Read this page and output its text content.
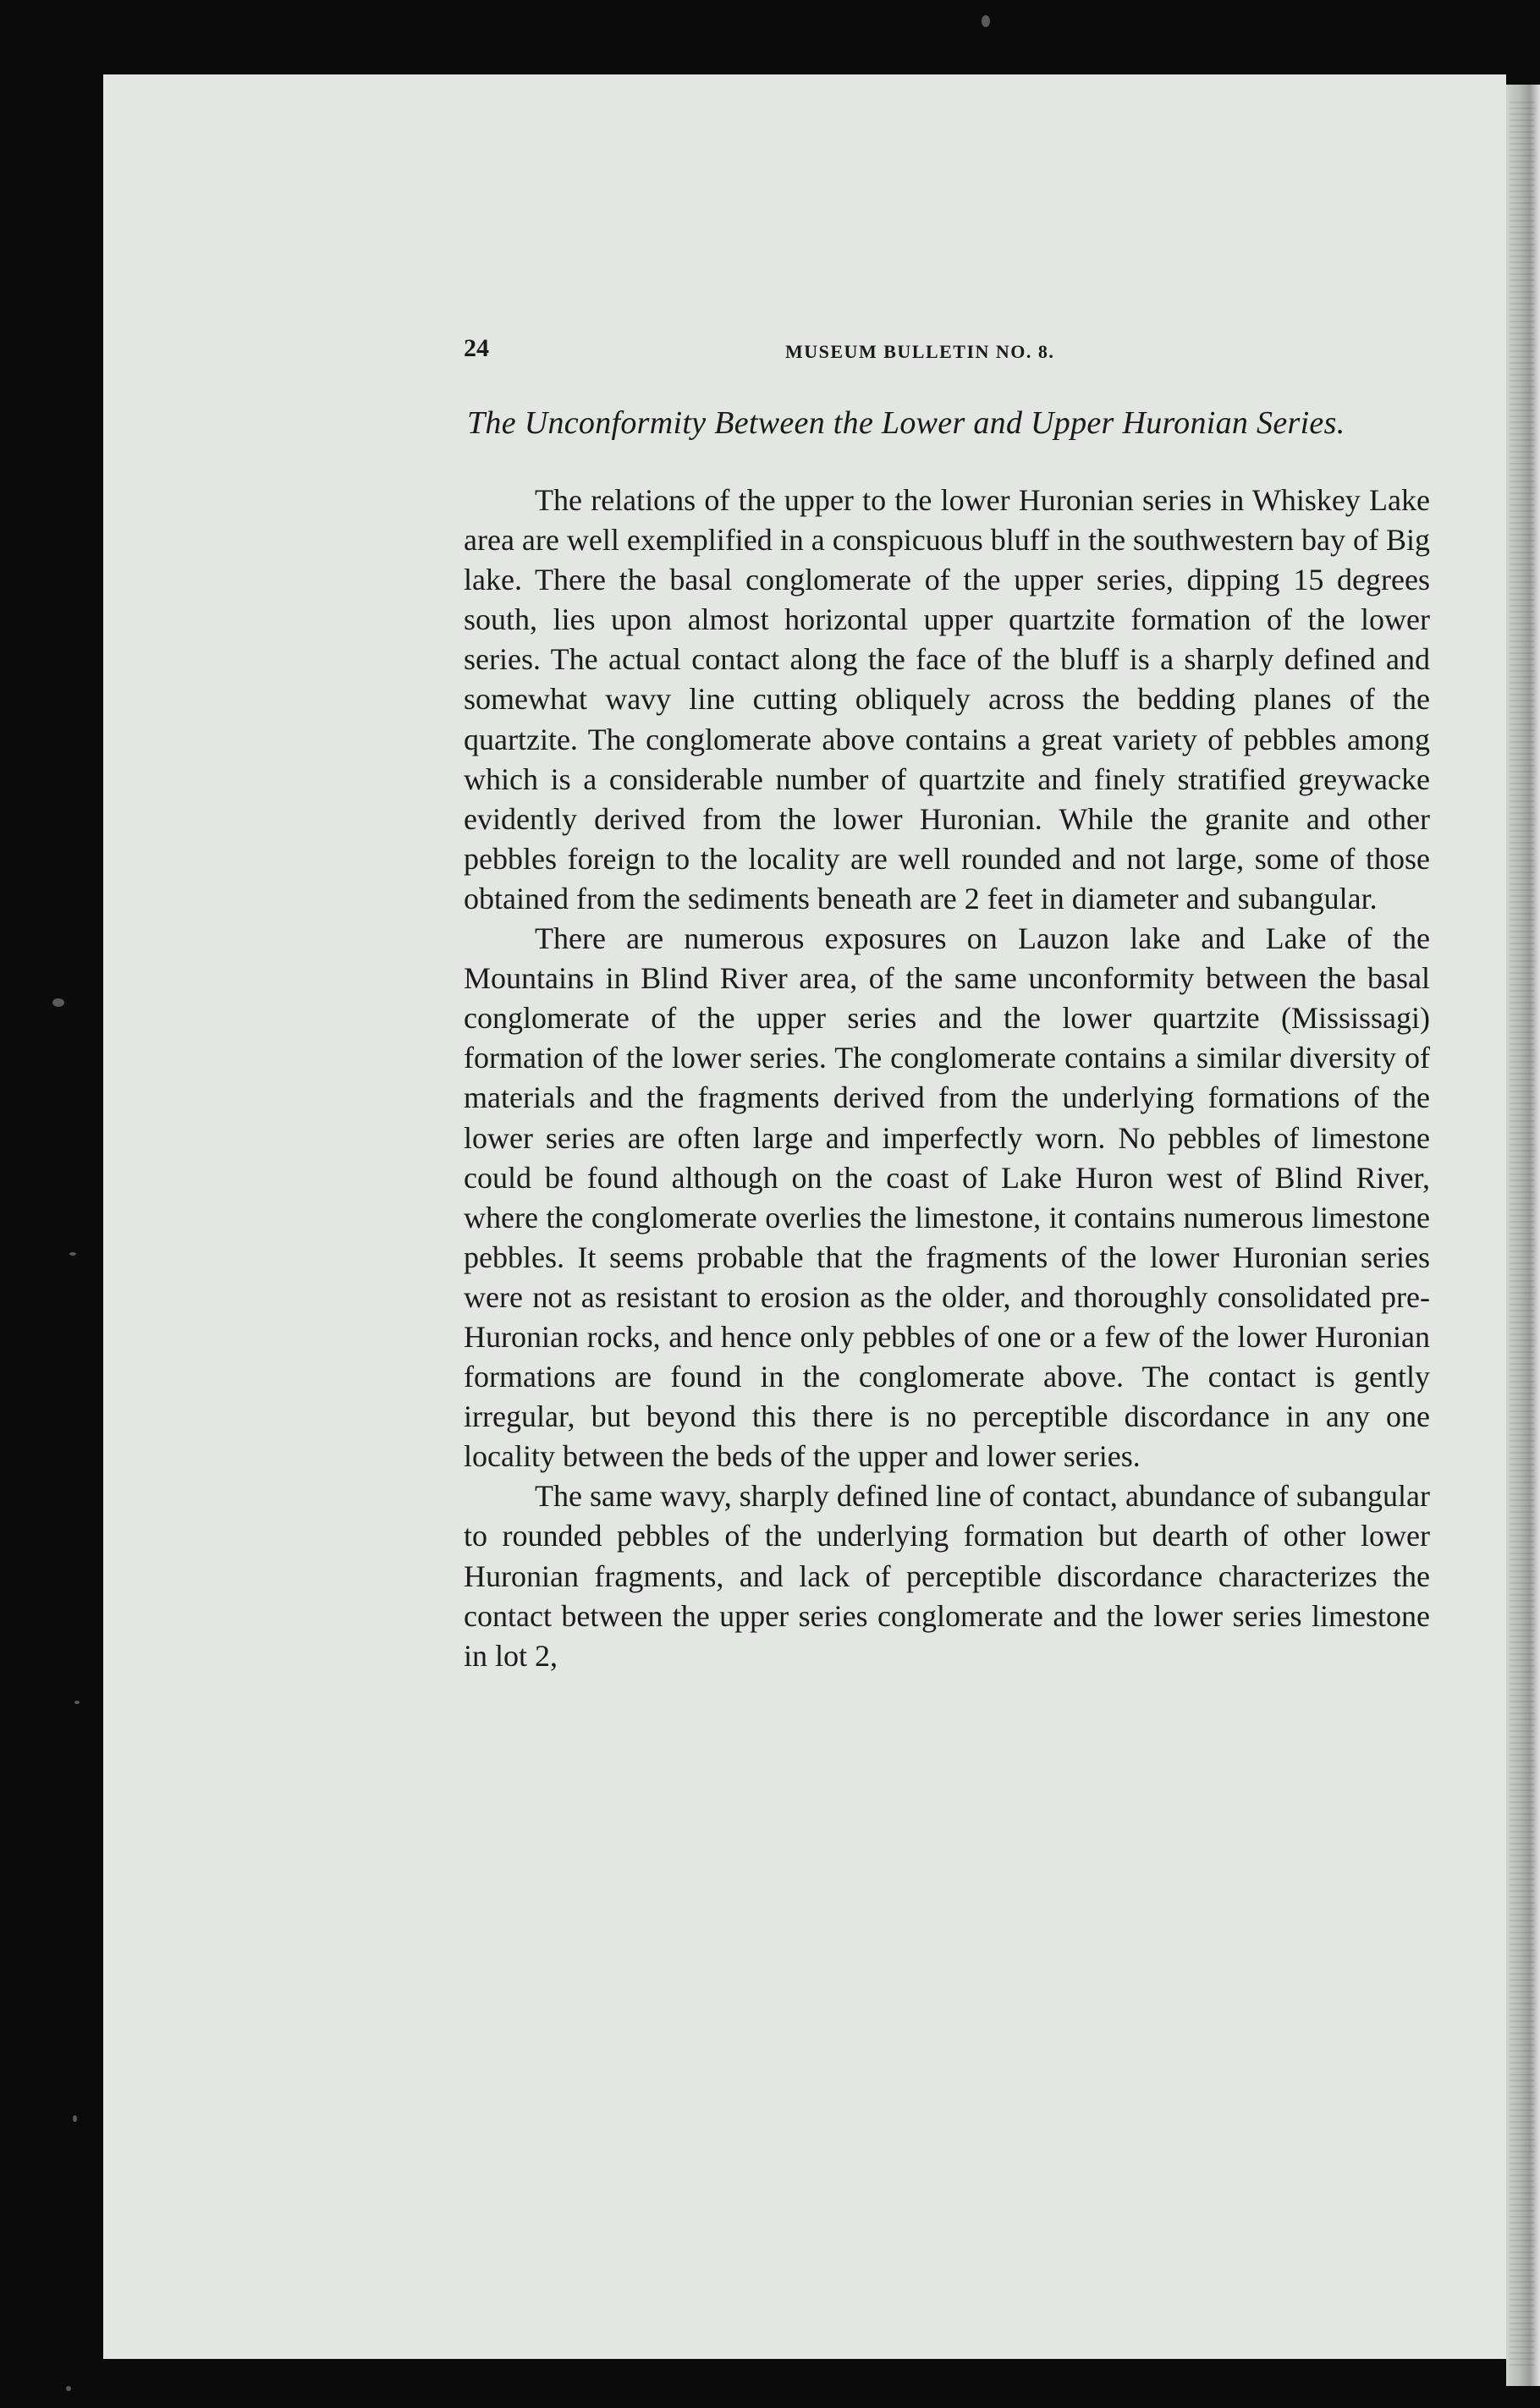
24	MUSEUM BULLETIN NO. 8.
The Unconformity Between the Lower and Upper Huronian Series.

The relations of the upper to the lower Huronian series in Whiskey Lake area are well exemplified in a conspicuous bluff in the southwestern bay of Big lake. There the basal conglomerate of the upper series, dipping 15 degrees south, lies upon almost horizontal upper quartzite formation of the lower series. The actual contact along the face of the bluff is a sharply defined and somewhat wavy line cutting obliquely across the bedding planes of the quartzite. The conglomerate above contains a great variety of pebbles among which is a considerable number of quartzite and finely stratified greywacke evidently derived from the lower Huronian. While the granite and other pebbles foreign to the locality are well rounded and not large, some of those obtained from the sediments beneath are 2 feet in diameter and subangular.

There are numerous exposures on Lauzon lake and Lake of the Mountains in Blind River area, of the same unconformity between the basal conglomerate of the upper series and the lower quartzite (Mississagi) formation of the lower series. The conglomerate contains a similar diversity of materials and the fragments derived from the underlying formations of the lower series are often large and imperfectly worn. No pebbles of limestone could be found although on the coast of Lake Huron west of Blind River, where the conglomerate overlies the limestone, it contains numerous limestone pebbles. It seems probable that the fragments of the lower Huronian series were not as resistant to erosion as the older, and thoroughly consolidated pre-Huronian rocks, and hence only pebbles of one or a few of the lower Huronian formations are found in the conglomerate above. The contact is gently irregular, but beyond this there is no perceptible discordance in any one locality between the beds of the upper and lower series.

The same wavy, sharply defined line of contact, abundance of subangular to rounded pebbles of the underlying formation but dearth of other lower Huronian fragments, and lack of perceptible discordance characterizes the contact between the upper series conglomerate and the lower series limestone in lot 2,
